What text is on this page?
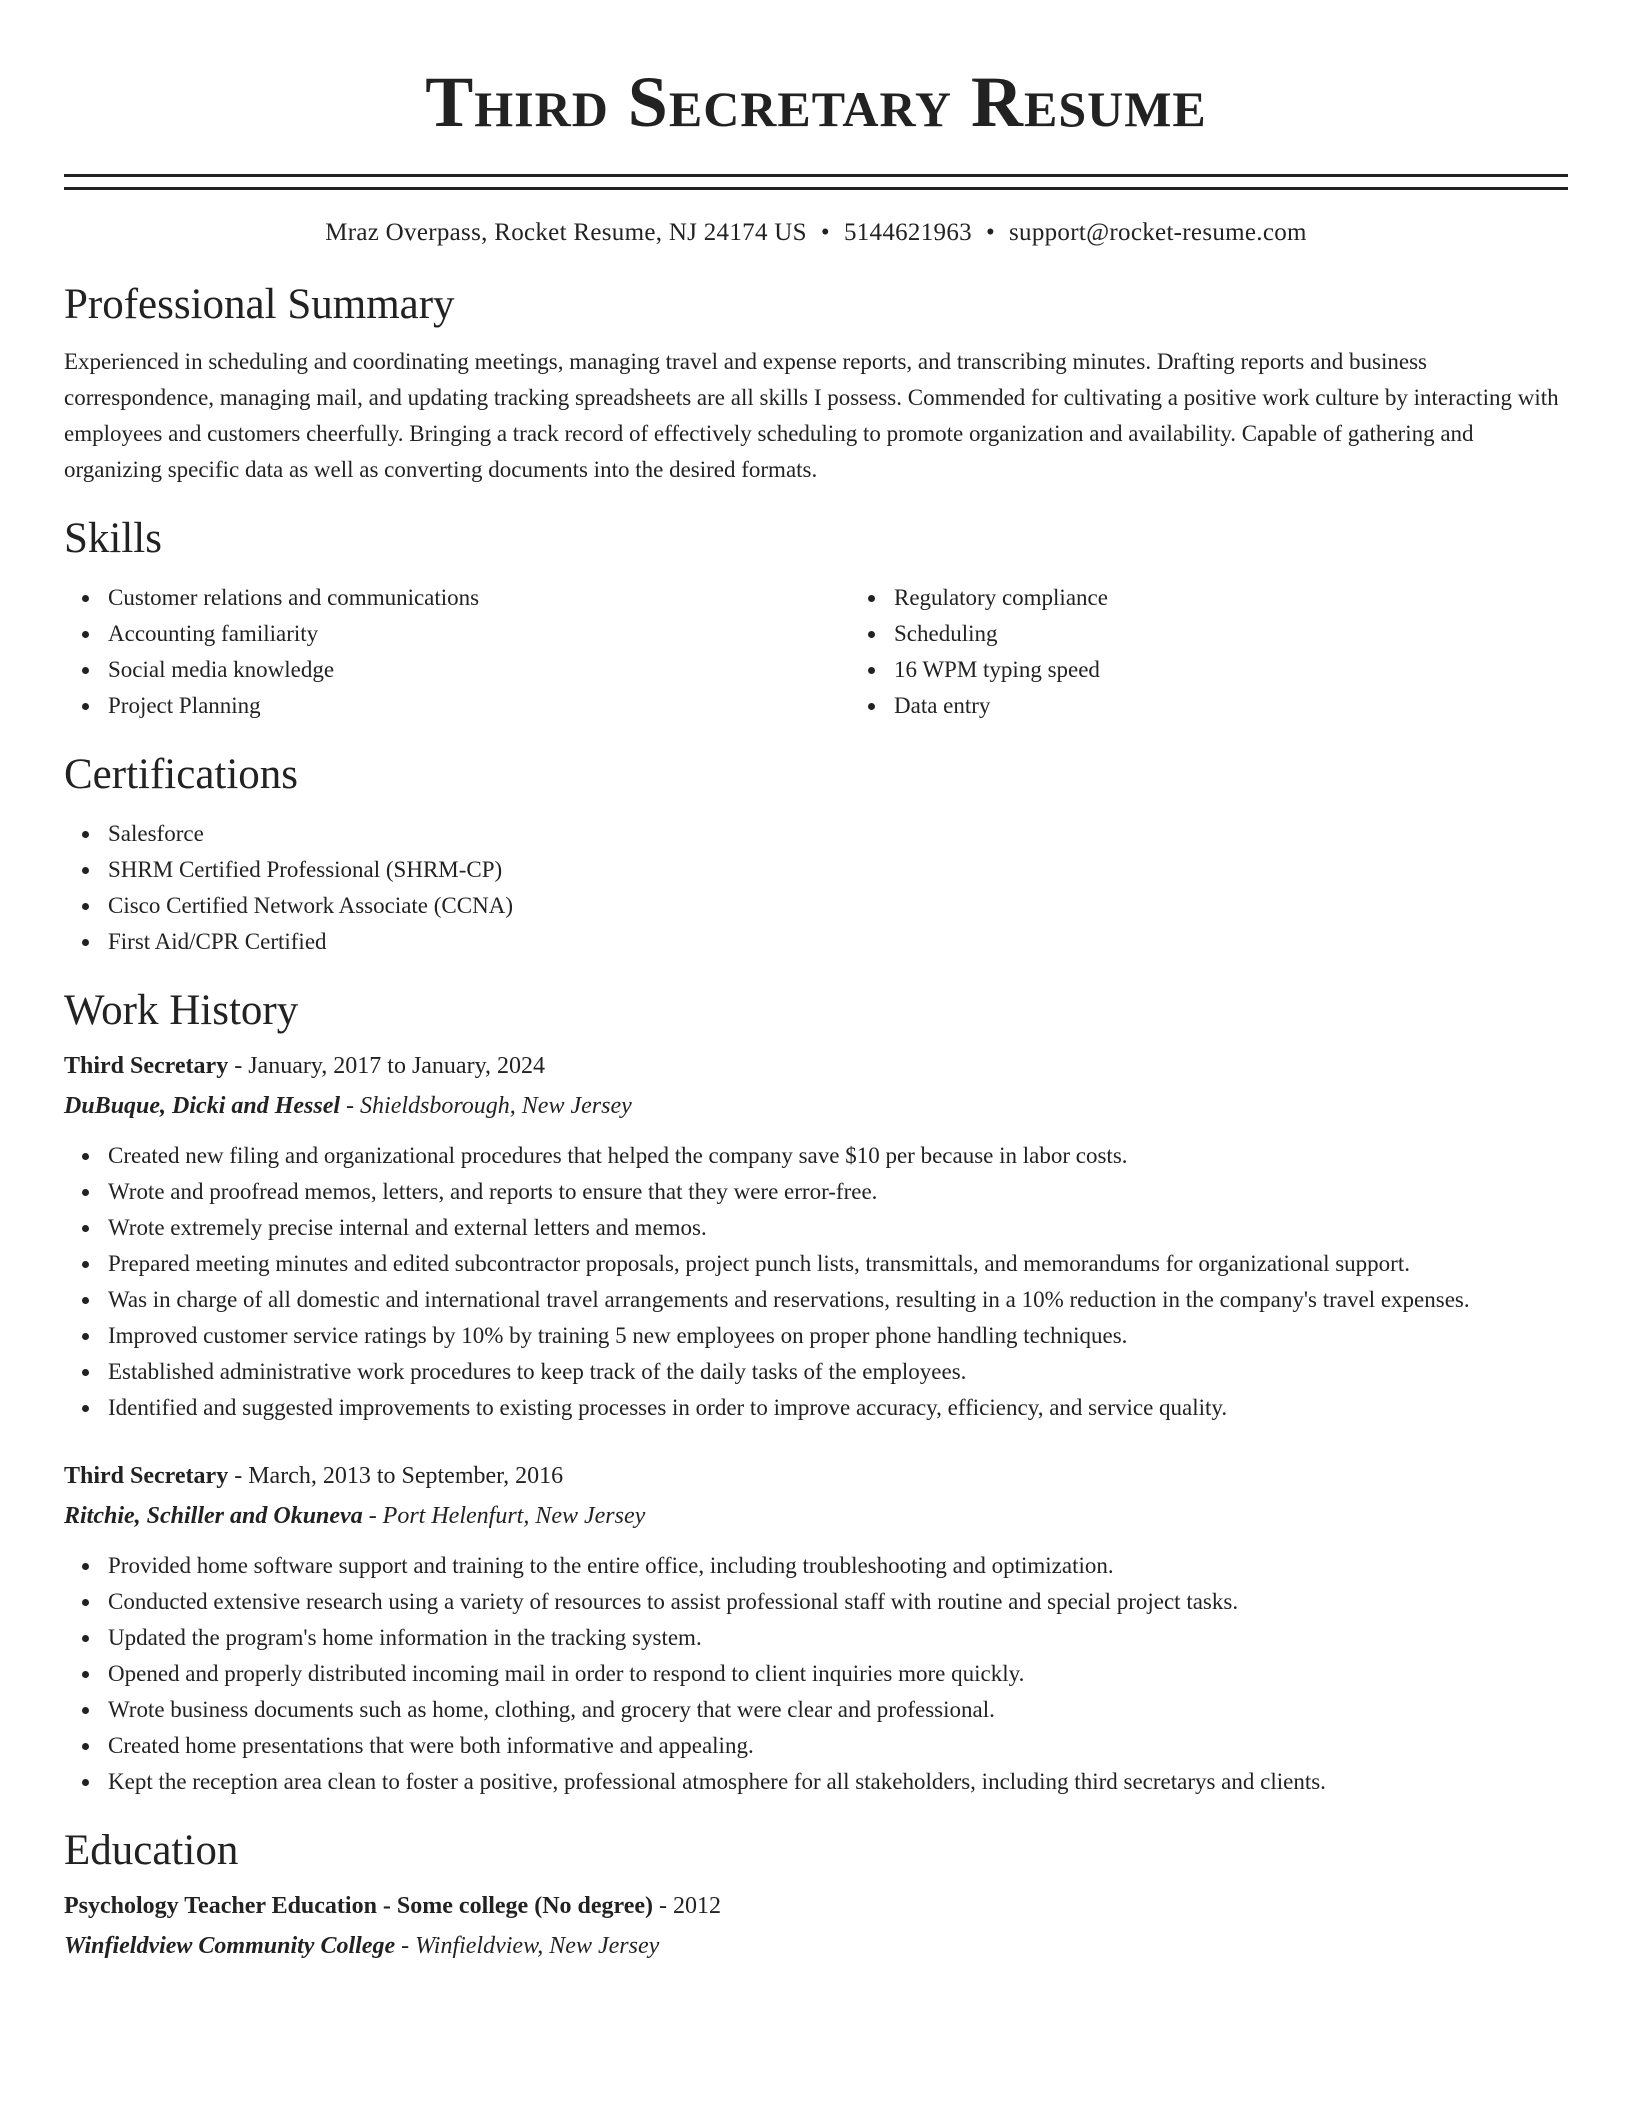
Third Secretary Resume
Mraz Overpass, Rocket Resume, NJ 24174 US • 5144621963 • support@rocket-resume.com
Professional Summary

Experienced in scheduling and coordinating meetings, managing travel and expense reports, and transcribing minutes. Drafting reports and business correspondence, managing mail, and updating tracking spreadsheets are all skills I possess. Commended for cultivating a positive work culture by interacting with employees and customers cheerfully. Bringing a track record of effectively scheduling to promote organization and availability. Capable of gathering and organizing specific data as well as converting documents into the desired formats.

Skills
Customer relations and communications
Accounting familiarity
Social media knowledge
Project Planning
Regulatory compliance
Scheduling
16 WPM typing speed
Data entry
Certifications
Salesforce
SHRM Certified Professional (SHRM-CP)
Cisco Certified Network Associate (CCNA)
First Aid/CPR Certified
Work History
Third Secretary - January, 2017 to January, 2024
DuBuque, Dicki and Hessel - Shieldsborough, New Jersey
Created new filing and organizational procedures that helped the company save $10 per because in labor costs.
Wrote and proofread memos, letters, and reports to ensure that they were error-free.
Wrote extremely precise internal and external letters and memos.
Prepared meeting minutes and edited subcontractor proposals, project punch lists, transmittals, and memorandums for organizational support.
Was in charge of all domestic and international travel arrangements and reservations, resulting in a 10% reduction in the company's travel expenses.
Improved customer service ratings by 10% by training 5 new employees on proper phone handling techniques.
Established administrative work procedures to keep track of the daily tasks of the employees.
Identified and suggested improvements to existing processes in order to improve accuracy, efficiency, and service quality.
Third Secretary - March, 2013 to September, 2016
Ritchie, Schiller and Okuneva - Port Helenfurt, New Jersey
Provided home software support and training to the entire office, including troubleshooting and optimization.
Conducted extensive research using a variety of resources to assist professional staff with routine and special project tasks.
Updated the program's home information in the tracking system.
Opened and properly distributed incoming mail in order to respond to client inquiries more quickly.
Wrote business documents such as home, clothing, and grocery that were clear and professional.
Created home presentations that were both informative and appealing.
Kept the reception area clean to foster a positive, professional atmosphere for all stakeholders, including third secretarys and clients.
Education
Psychology Teacher Education - Some college (No degree) - 2012
Winfieldview Community College - Winfieldview, New Jersey
